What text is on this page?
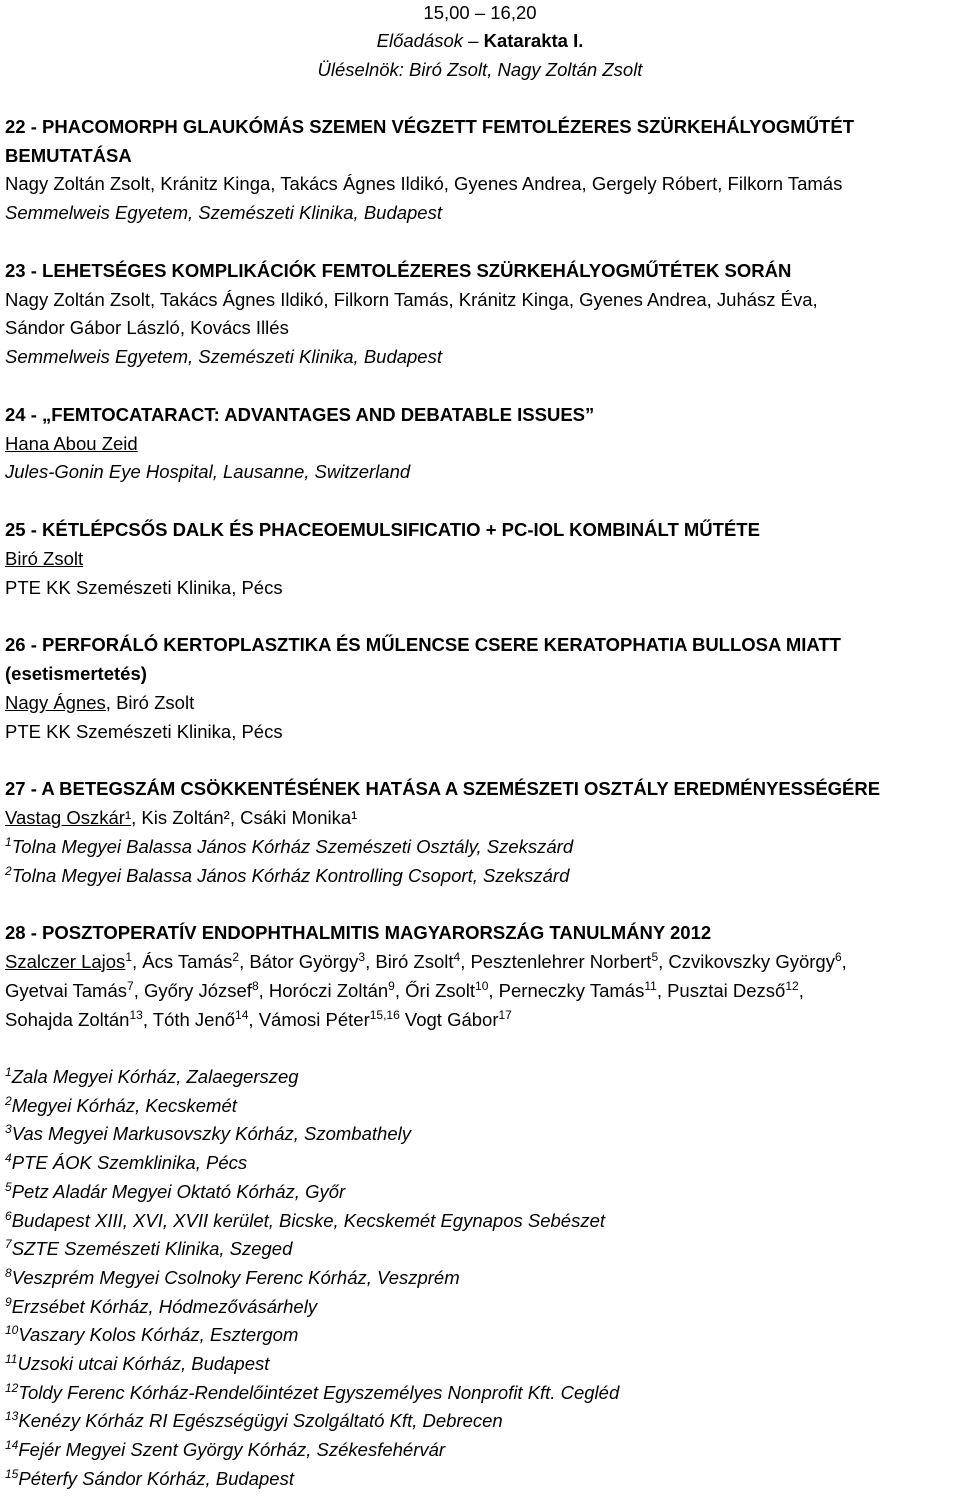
15,00 – 16,20
Előadások – Katarakta I.
Üléselnök: Biró Zsolt, Nagy Zoltán Zsolt
22 - PHACOMORPH GLAUKÓMÁS SZEMEN VÉGZETT FEMTOLÉZERES SZÜRKEHÁLYOGMŰTÉT
BEMUTATÁSA
Nagy Zoltán Zsolt, Kránitz Kinga, Takács Ágnes Ildikó, Gyenes Andrea, Gergely Róbert, Filkorn Tamás
Semmelweis Egyetem, Szemészeti Klinika, Budapest
23 - LEHETSÉGES KOMPLIKÁCIÓK FEMTOLÉZERES SZÜRKEHÁLYOGMŰTÉTEK SORÁN
Nagy Zoltán Zsolt, Takács Ágnes Ildikó, Filkorn Tamás, Kránitz Kinga, Gyenes Andrea, Juhász Éva,
Sándor Gábor László, Kovács Illés
Semmelweis Egyetem, Szemészeti Klinika, Budapest
24 - „FEMTOCATARACT: ADVANTAGES AND DEBATABLE ISSUES”
Hana Abou Zeid
Jules-Gonin Eye Hospital, Lausanne, Switzerland
25 - KÉTLÉPCSŐS DALK ÉS PHACEOEMULSIFICATIO + PC-IOL KOMBINÁLT MŰTÉTE
Biró Zsolt
PTE KK Szemészeti Klinika, Pécs
26 - PERFORÁLÓ KERTOPLASZTIKA ÉS MŰLENCSE CSERE KERATOPHATIA BULLOSA MIATT
(esetismertetés)
Nagy Ágnes, Biró Zsolt
PTE KK Szemészeti Klinika, Pécs
27 - A BETEGSZÁM CSÖKKENTÉSÉNEK HATÁSA A SZEMÉSZETI OSZTÁLY EREDMÉNYESSÉGÉRE
Vastag Oszkár¹, Kis Zoltán², Csáki Monika¹
$^1$Tolna Megyei Balassa János Kórház Szemészeti Osztály, Szekszárd
$^2$Tolna Megyei Balassa János Kórház Kontrolling Csoport, Szekszárd
28 - POSZTOPERATÍV ENDOPHTHALMITIS MAGYARORSZÁG TANULMÁNY 2012
Szalczer Lajos$^1$, Ács Tamás$^2$, Bátor György$^3$, Biró Zsolt$^4$, Pesztenlehrer Norbert$^5$, Czvikovszky György$^6$,
Gyetvai Tamás$^7$, Győry József$^8$, Horóczi Zoltán$^9$, Őri Zsolt$^{10}$, Perneczky Tamás$^{11}$, Pusztai Dezső$^{12}$,
Sohajda Zoltán$^{13}$, Tóth Jenő$^{14}$, Vámosi Péter$^{15,16}$ Vogt Gábor$^{17}$
$^1$Zala Megyei Kórház, Zalaegerszeg
$^2$Megyei Kórház, Kecskemét
$^3$Vas Megyei Markusovszky Kórház, Szombathely
$^4$PTE ÁOK Szemklinika, Pécs
$^5$Petz Aladár Megyei Oktató Kórház, Győr
$^6$Budapest XIII, XVI, XVII kerület, Bicske, Kecskemét Egynapos Sebészet
$^7$SZTE Szemészeti Klinika, Szeged
$^8$Veszprém Megyei Csolnoky Ferenc Kórház, Veszprém
$^9$Erzsébet Kórház, Hódmezővásárhely
$^{10}$Vaszary Kolos Kórház, Esztergom
$^{11}$Uzsoki utcai Kórház, Budapest
$^{12}$Toldy Ferenc Kórház-Rendelőintézet Egyszemélyes Nonprofit Kft. Cegléd
$^{13}$Kenézy Kórház RI Egészségügyi Szolgáltató Kft, Debrecen
$^{14}$Fejér Megyei Szent György Kórház, Székesfehérvár
$^{15}$Péterfy Sándor Kórház, Budapest
